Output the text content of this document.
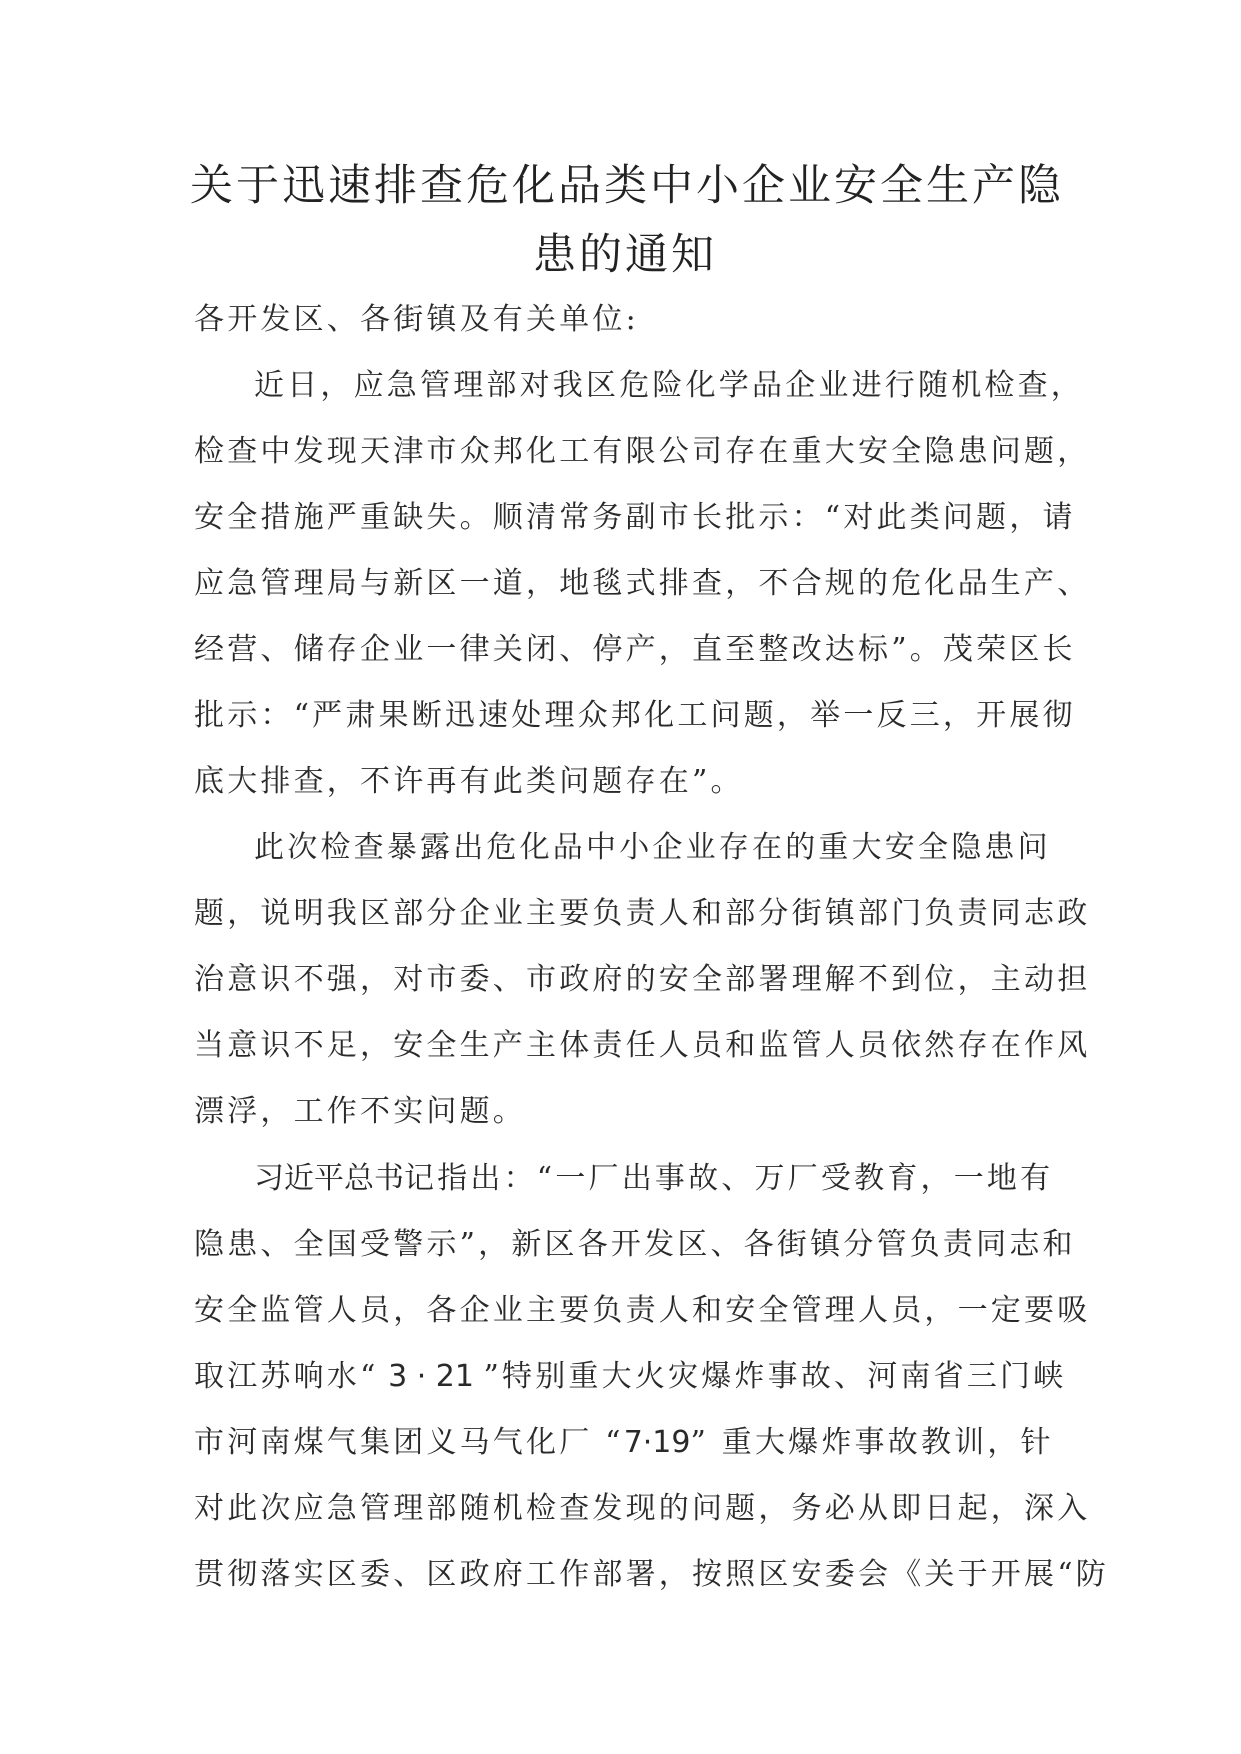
关于迅速排查危化品类中小企业安全生产隐
患的通知
各开发区、各街镇及有关单位:
近日，应急管理部对我区危险化学品企业进行随机检查，
检查中发现天津市众邦化工有限公司存在重大安全隐患问题，
安全措施严重缺失。顺清常务副市长批示：“对此类问题，请
应急管理局与新区一道，地毯式排查，不合规的危化品生产、
经营、储存企业一律关闭、停产，直至整改达标”。茂荣区长
批示：“严肃果断迅速处理众邦化工问题，举一反三，开展彻
底大排查，不许再有此类问题存在”。
此次检查暴露出危化品中小企业存在的重大安全隐患问
题，说明我区部分企业主要负责人和部分街镇部门负责同志政
治意识不强，对市委、市政府的安全部署理解不到位，主动担
当意识不足，安全生产主体责任人员和监管人员依然存在作风
漂浮，工作不实问题。
习近平总书记指出：“一厂出事故、万厂受教育，一地有
隐患、全国受警示”，新区各开发区、各街镇分管负责同志和
安全监管人员，各企业主要负责人和安全管理人员，一定要吸
取江苏响水“ 3 · 21 ”特别重大火灾爆炸事故、河南省三门峡
市河南煤气集团义马气化厂 “7·19” 重大爆炸事故教训，针
对此次应急管理部随机检查发现的问题，务必从即日起，深入
贯彻落实区委、区政府工作部署，按照区安委会《关于开展“防
